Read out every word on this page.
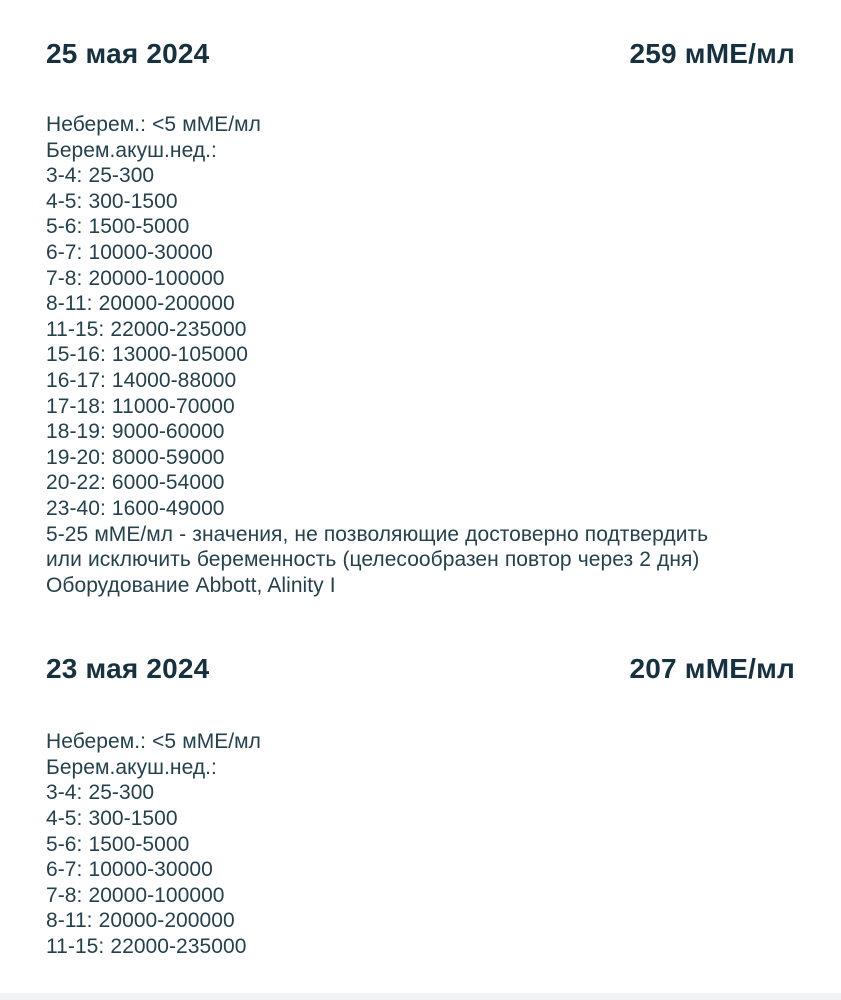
25 мая 2024	259 мМЕ/мл
Неберем.: <5 мМЕ/мл
Берем.акуш.нед.:
3-4: 25-300
4-5: 300-1500
5-6: 1500-5000
6-7: 10000-30000
7-8: 20000-100000
8-11: 20000-200000
11-15: 22000-235000
15-16: 13000-105000
16-17: 14000-88000
17-18: 11000-70000
18-19: 9000-60000
19-20: 8000-59000
20-22: 6000-54000
23-40: 1600-49000
5-25 мМЕ/мл - значения, не позволяющие достоверно подтвердить или исключить беременность (целесообразен повтор через 2 дня)
Оборудование Abbott, Alinity I
23 мая 2024	207 мМЕ/мл
Неберем.: <5 мМЕ/мл
Берем.акуш.нед.:
3-4: 25-300
4-5: 300-1500
5-6: 1500-5000
6-7: 10000-30000
7-8: 20000-100000
8-11: 20000-200000
11-15: 22000-235000
